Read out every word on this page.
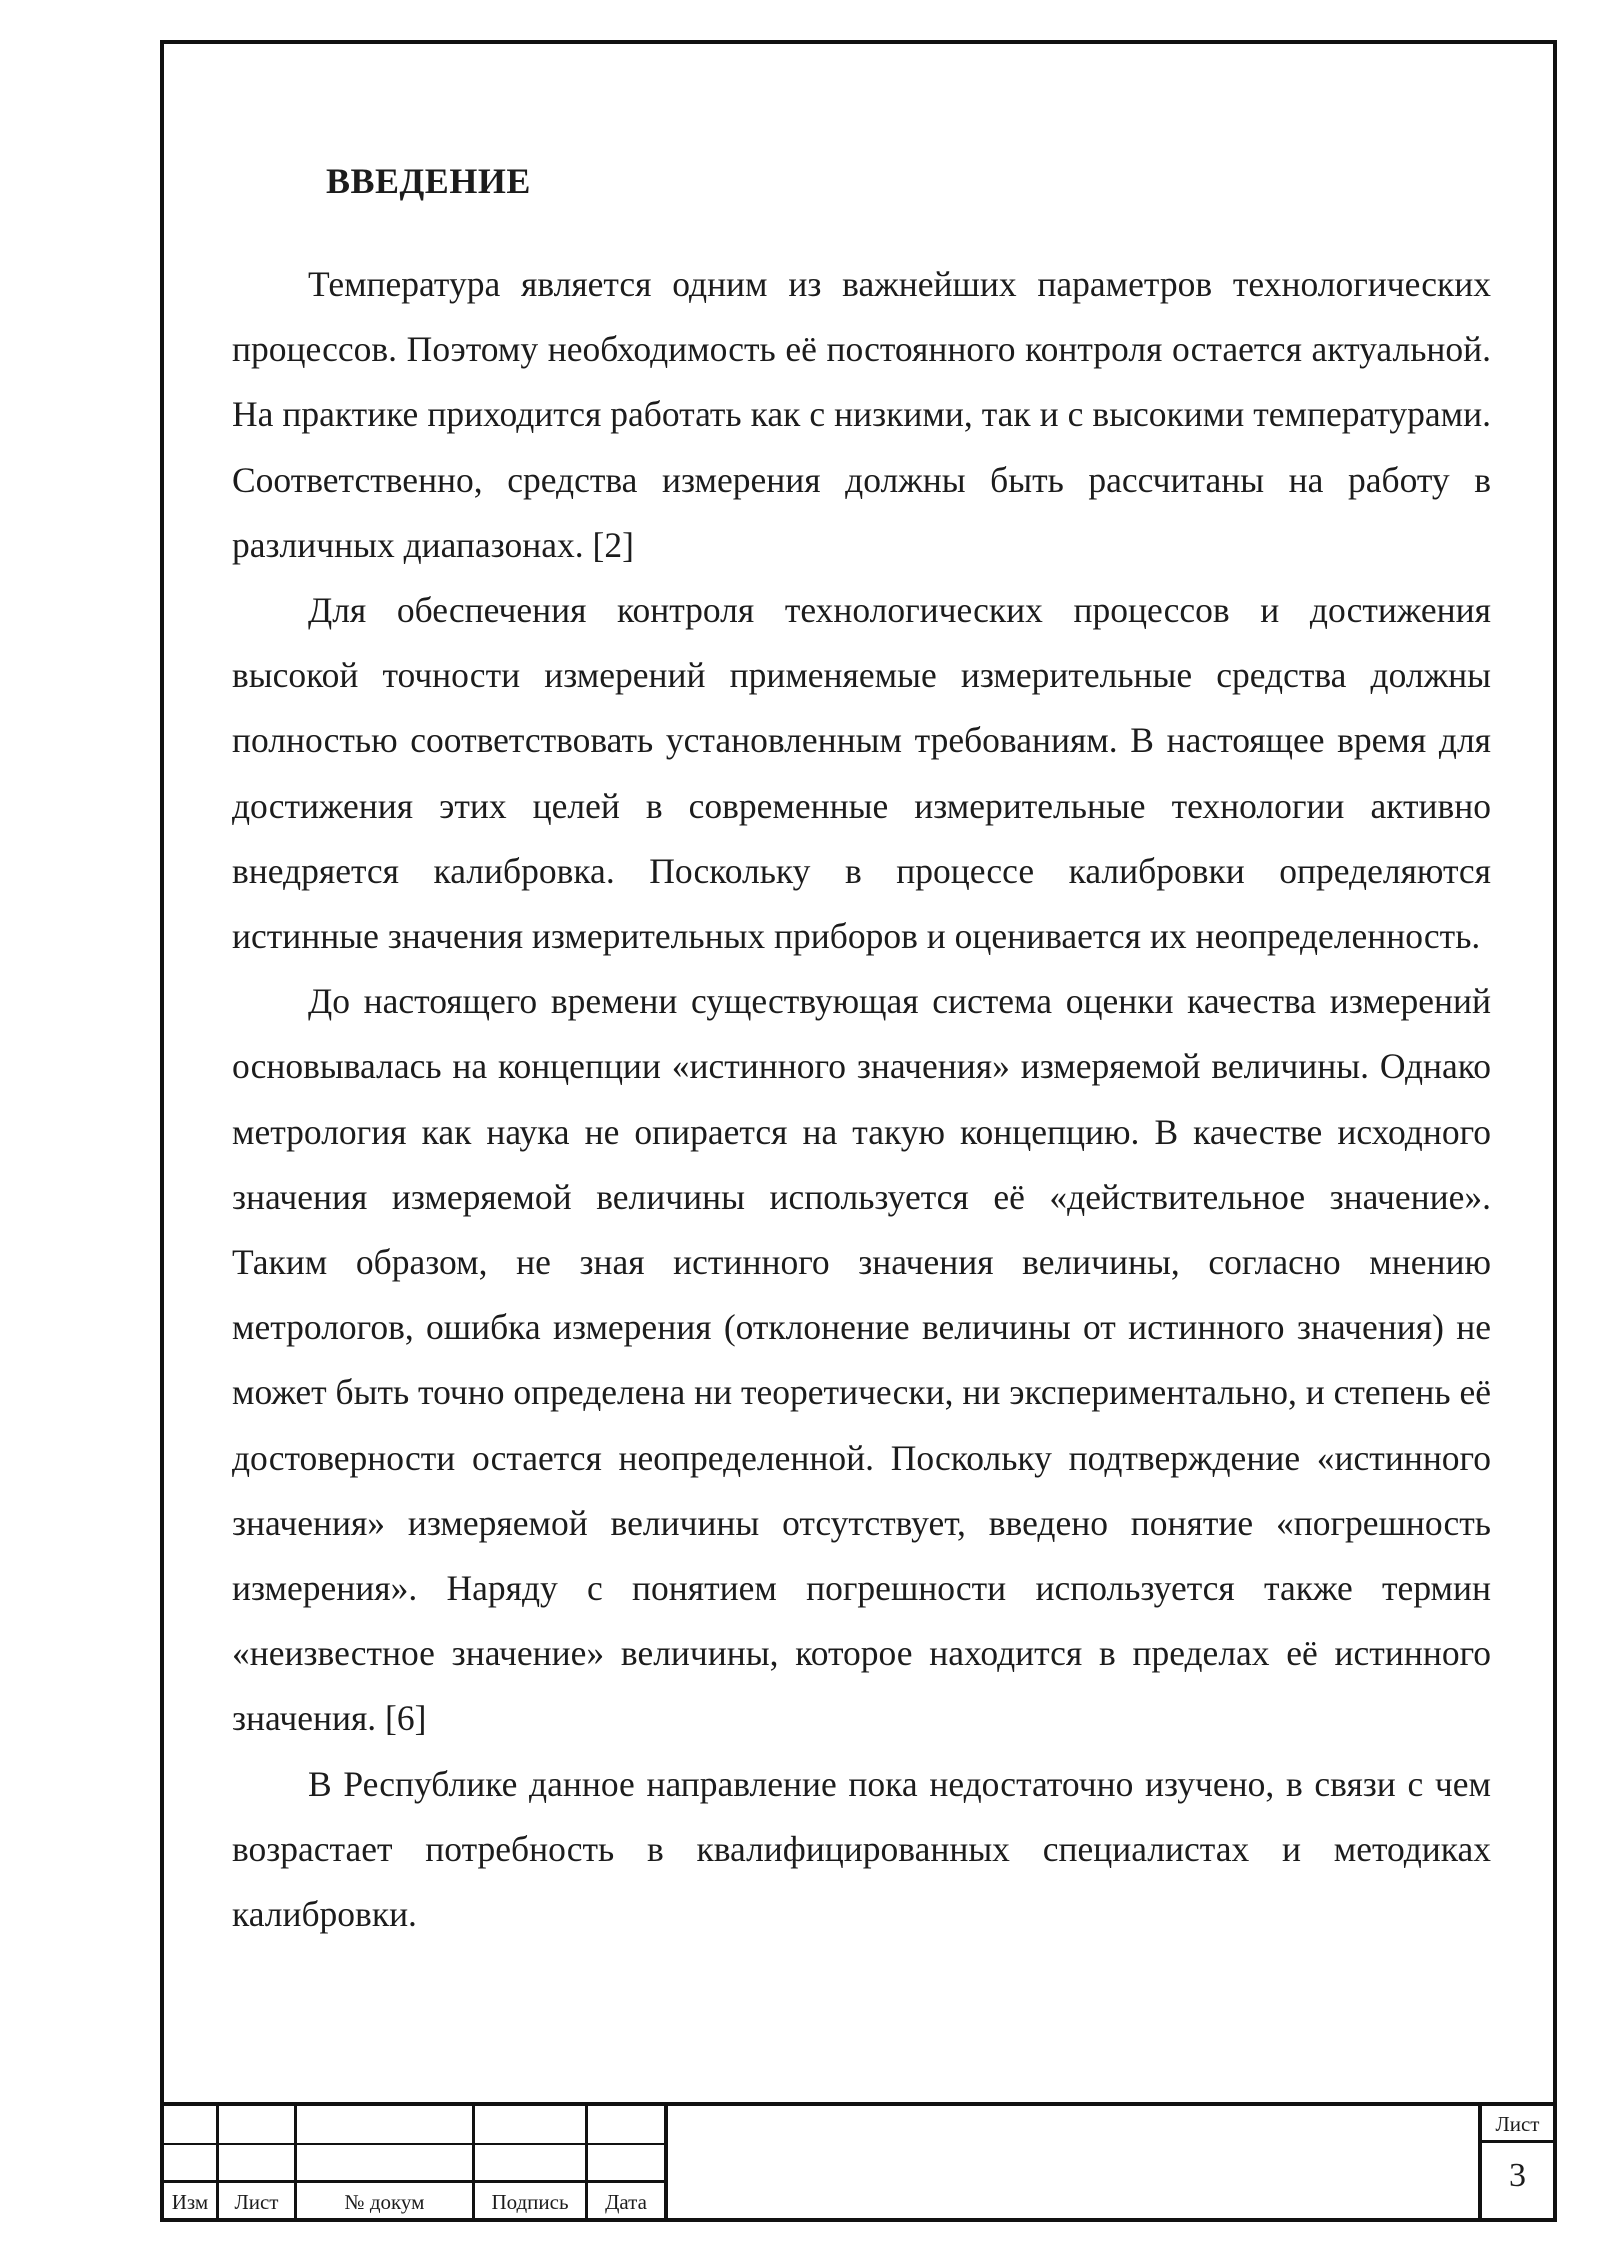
ВВЕДЕНИЕ

Температура является одним из важнейших параметров технологических процессов. Поэтому необходимость её постоянного контроля остается актуальной. На практике приходится работать как с низкими, так и с высокими температурами. Соответственно, средства измерения должны быть рассчитаны на работу в различных диапазонах. [2]

Для обеспечения контроля технологических процессов и достижения высокой точности измерений применяемые измерительные средства должны полностью соответствовать установленным требованиям. В настоящее время для достижения этих целей в современные измерительные технологии активно внедряется калибровка. Поскольку в процессе калибровки определяются истинные значения измерительных приборов и оценивается их неопределенность.

До настоящего времени существующая система оценки качества измерений основывалась на концепции «истинного значения» измеряемой величины. Однако метрология как наука не опирается на такую концепцию. В качестве исходного значения измеряемой величины используется её «действительное значение». Таким образом, не зная истинного значения величины, согласно мнению метрологов, ошибка измерения (отклонение величины от истинного значения) не может быть точно определена ни теоретически, ни экспериментально, и степень её достоверности остается неопределенной. Поскольку подтверждение «истинного значения» измеряемой величины отсутствует, введено понятие «погрешность измерения». Наряду с понятием погрешности используется также термин «неизвестное значение» величины, которое находится в пределах её истинного значения. [6]

В Республике данное направление пока недостаточно изучено, в связи с чем возрастает потребность в квалифицированных специалистах и методиках калибровки.

Изм	Лист	№ докум	Подпись	Дата
Лист
3
